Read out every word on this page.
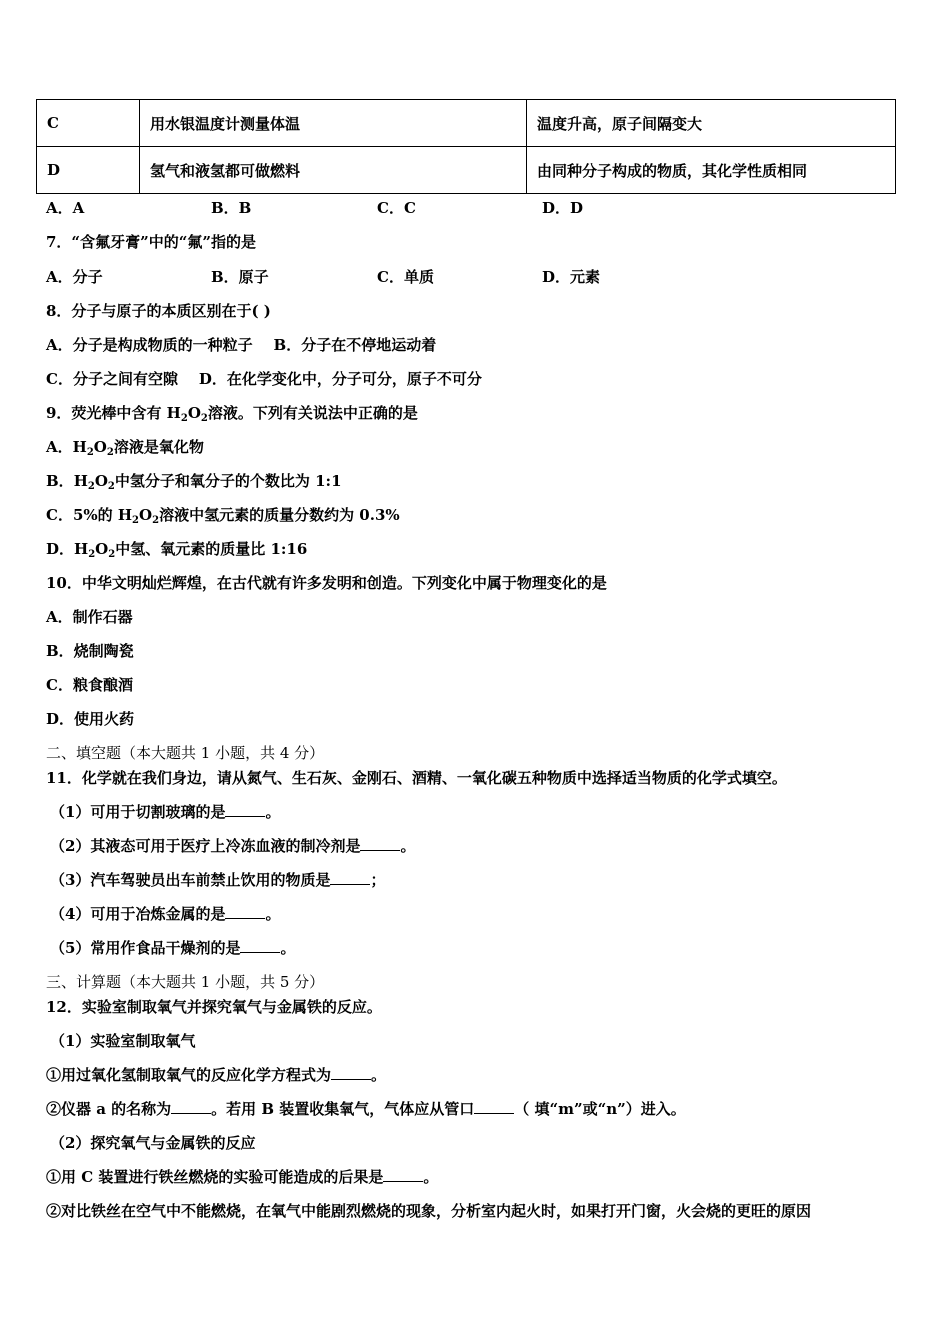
C	用水银温度计测量体温	温度升高，原子间隔变大
D	氢气和液氢都可做燃料	由同种分子构成的物质，其化学性质相同
A．A	B．B	C．C	D．D
7．“含氟牙膏”中的“氟”指的是
A．分子	B．原子	C．单质	D．元素
8．分子与原子的本质区别在于( )
A．分子是构成物质的一种粒子    B．分子在不停地运动着
C．分子之间有空隙    D．在化学变化中，分子可分，原子不可分
9．荧光棒中含有 $H_2O_2$溶液。下列有关说法中正确的是
A．$H_2O_2$溶液是氧化物
B．$H_2O_2$中氢分子和氧分子的个数比为 1:1
C．5%的 $H_2O_2$溶液中氢元素的质量分数约为 0.3%
D．$H_2O_2$中氢、氧元素的质量比 1:16
10．中华文明灿烂辉煌，在古代就有许多发明和创造。下列变化中属于物理变化的是
A．制作石器
B．烧制陶瓷
C．粮食酿酒
D．使用火药
二、填空题（本大题共 1 小题，共 4 分）
11．化学就在我们身边，请从氮气、生石灰、金刚石、酒精、一氧化碳五种物质中选择适当物质的化学式填空。
（1）可用于切割玻璃的是	。
（2）其液态可用于医疗上冷冻血液的制冷剂是	。
（3）汽车驾驶员出车前禁止饮用的物质是	；
（4）可用于冶炼金属的是	。
（5）常用作食品干燥剂的是	。
三、计算题（本大题共 1 小题，共 5 分）
12．实验室制取氧气并探究氧气与金属铁的反应。
（1）实验室制取氧气
①用过氧化氢制取氧气的反应化学方程式为	。
②仪器 a 的名称为	。若用 B 装置收集氧气，气体应从管口	（ 填“m”或“n”）进入。
（2）探究氧气与金属铁的反应
①用 C 装置进行铁丝燃烧的实验可能造成的后果是	。
②对比铁丝在空气中不能燃烧，在氧气中能剧烈燃烧的现象，分析室内起火时，如果打开门窗，火会烧的更旺的原因
